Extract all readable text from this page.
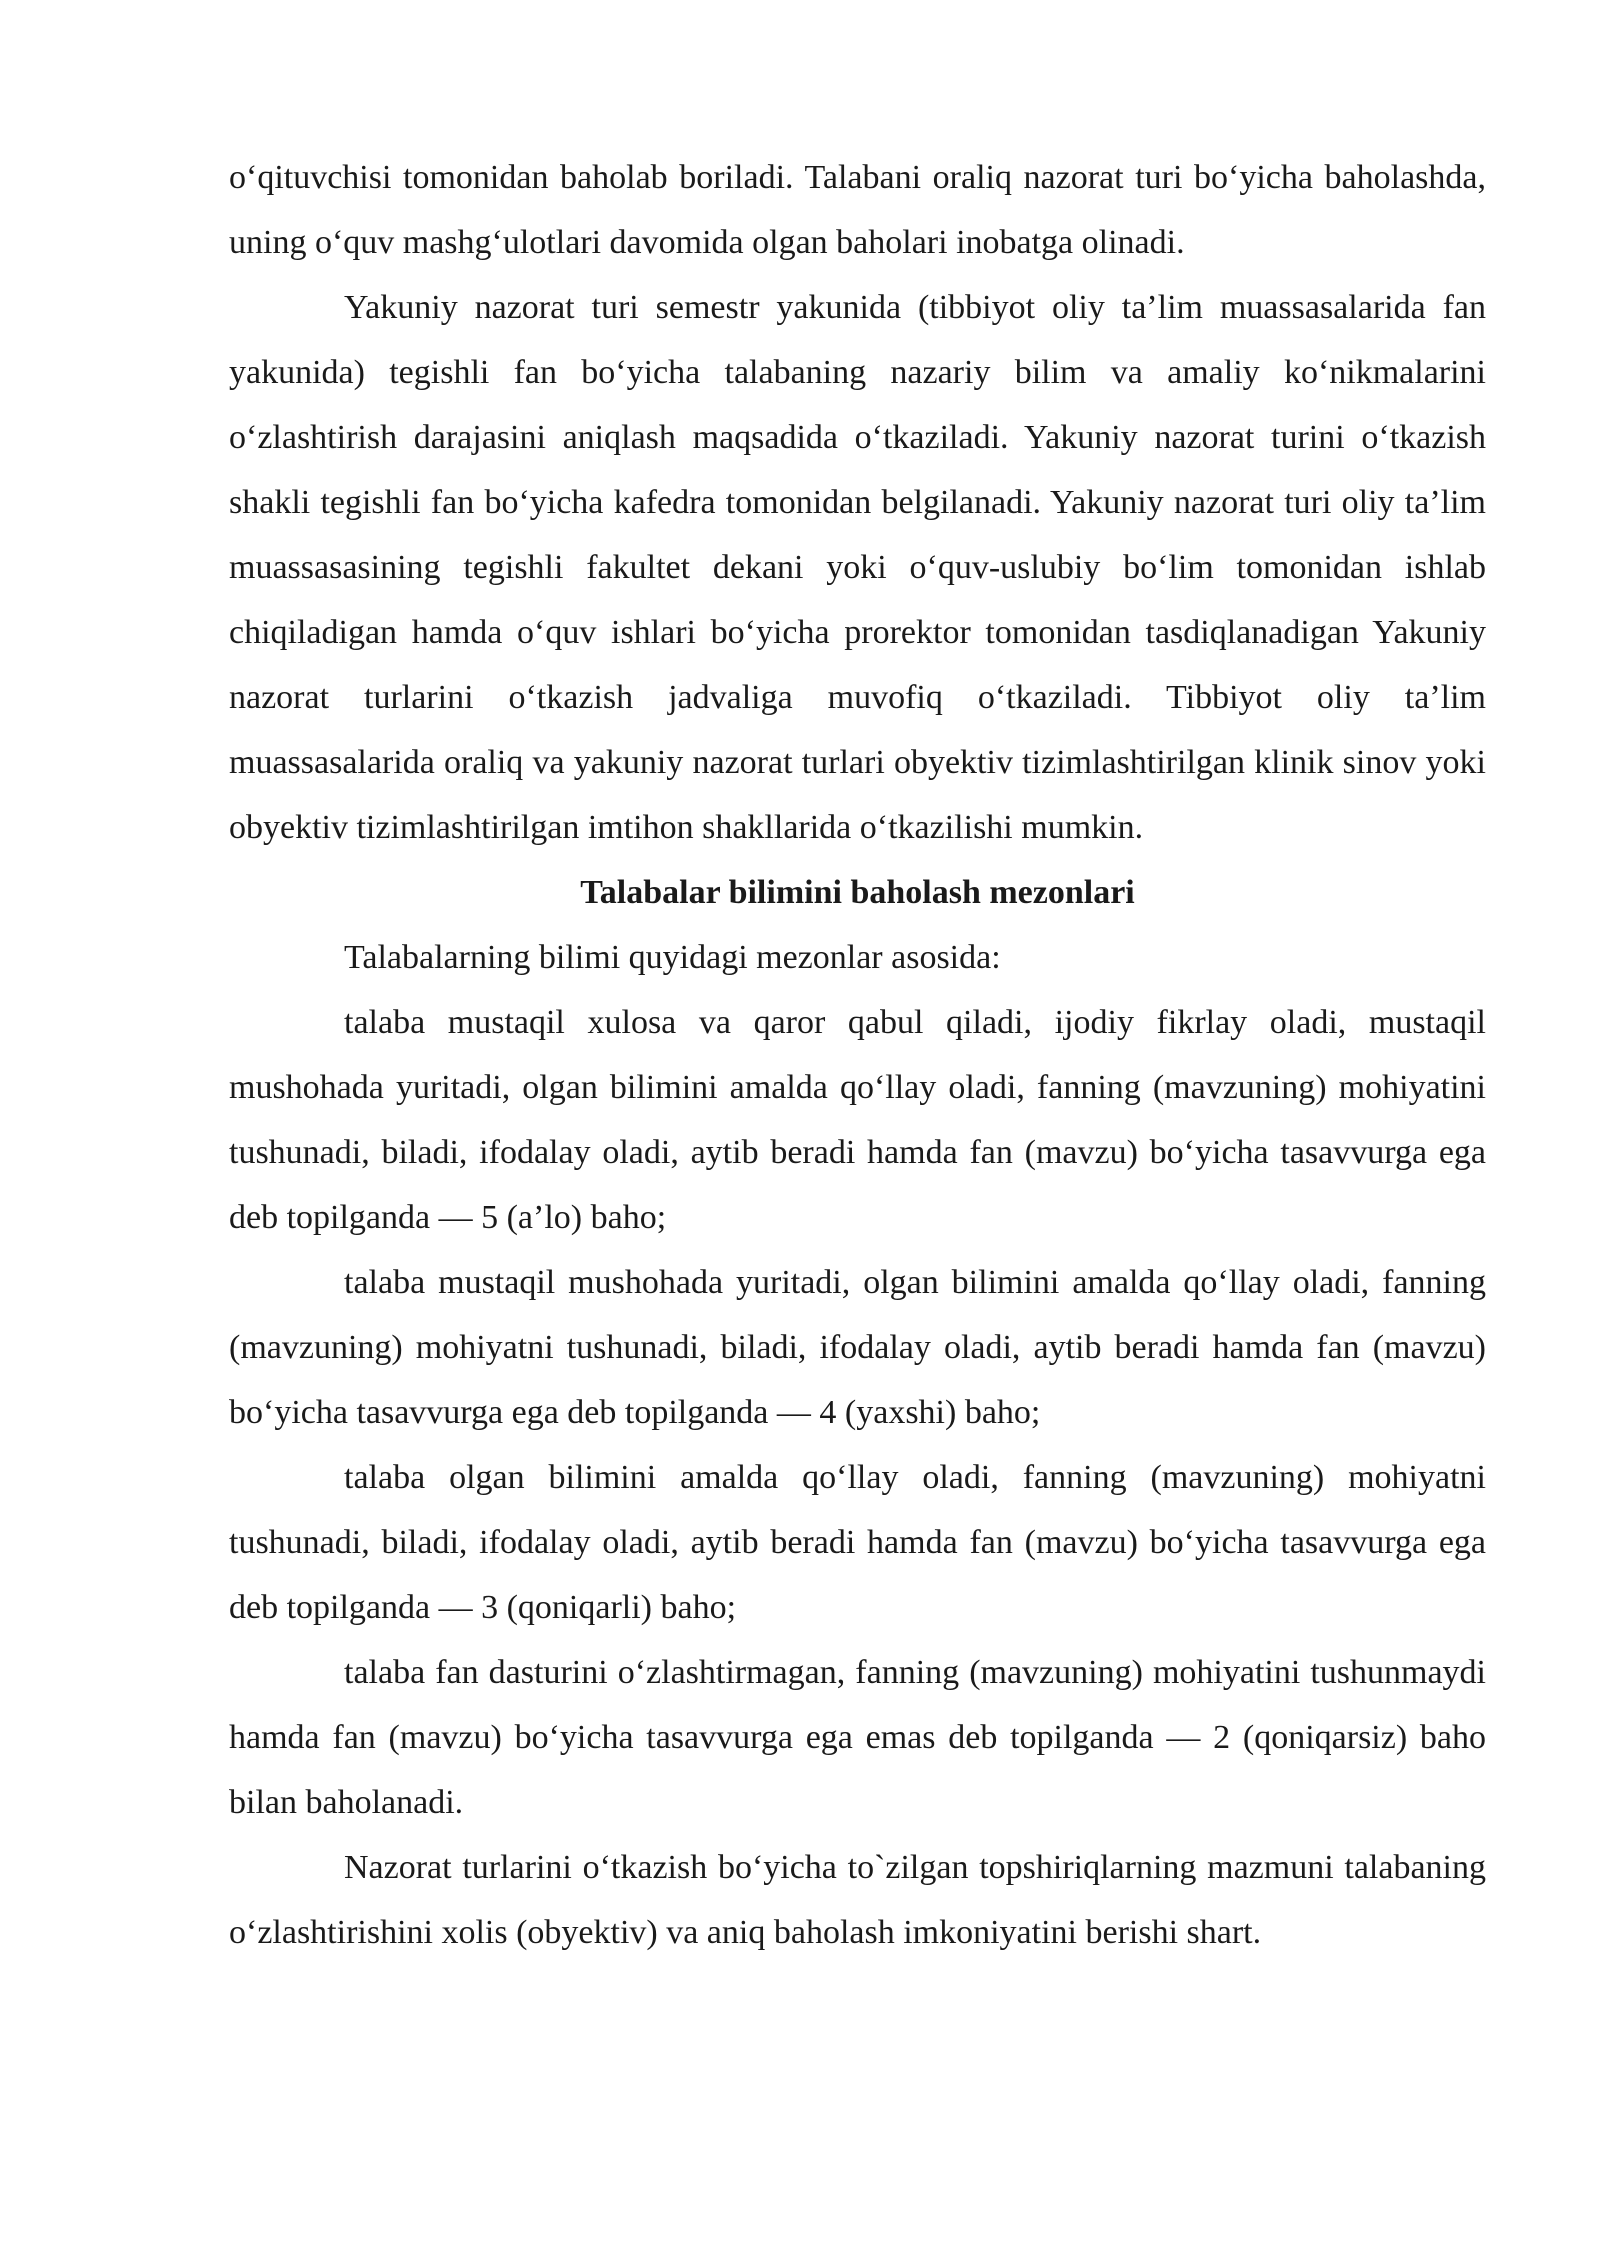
o‘qituvchisi tomonidan baholab boriladi. Talabani oraliq nazorat turi bo‘yicha baholashda, uning o‘quv mashg‘ulotlari davomida olgan baholari inobatga olinadi.

Yakuniy nazorat turi semestr yakunida (tibbiyot oliy ta’lim muassasalarida fan yakunida) tegishli fan bo‘yicha talabaning nazariy bilim va amaliy ko‘nikmalarini o‘zlashtirish darajasini aniqlash maqsadida o‘tkaziladi. Yakuniy nazorat turini o‘tkazish shakli tegishli fan bo‘yicha kafedra tomonidan belgilanadi. Yakuniy nazorat turi oliy ta’lim muassasasining tegishli fakultet dekani yoki o‘quv-uslubiy bo‘lim tomonidan ishlab chiqiladigan hamda o‘quv ishlari bo‘yicha prorektor tomonidan tasdiqlanadigan Yakuniy nazorat turlarini o‘tkazish jadvaliga muvofiq o‘tkaziladi. Tibbiyot oliy ta’lim muassasalarida oraliq va yakuniy nazorat turlari obyektiv tizimlashtirilgan klinik sinov yoki obyektiv tizimlashtirilgan imtihon shakllarida o‘tkazilishi mumkin.

Talabalar bilimini baholash mezonlari

Talabalarning bilimi quyidagi mezonlar asosida:

talaba mustaqil xulosa va qaror qabul qiladi, ijodiy fikrlay oladi, mustaqil mushohada yuritadi, olgan bilimini amalda qo‘llay oladi, fanning (mavzuning) mohiyatini tushunadi, biladi, ifodalay oladi, aytib beradi hamda fan (mavzu) bo‘yicha tasavvurga ega deb topilganda — 5 (a’lo) baho;

talaba mustaqil mushohada yuritadi, olgan bilimini amalda qo‘llay oladi, fanning (mavzuning) mohiyatni tushunadi, biladi, ifodalay oladi, aytib beradi hamda fan (mavzu) bo‘yicha tasavvurga ega deb topilganda — 4 (yaxshi) baho;

talaba olgan bilimini amalda qo‘llay oladi, fanning (mavzuning) mohiyatni tushunadi, biladi, ifodalay oladi, aytib beradi hamda fan (mavzu) bo‘yicha tasavvurga ega deb topilganda — 3 (qoniqarli) baho;

talaba fan dasturini o‘zlashtirmagan, fanning (mavzuning) mohiyatini tushunmaydi hamda fan (mavzu) bo‘yicha tasavvurga ega emas deb topilganda — 2 (qoniqarsiz) baho bilan baholanadi.

Nazorat turlarini o‘tkazish bo‘yicha to`zilgan topshiriqlarning mazmuni talabaning o‘zlashtirishini xolis (obyektiv) va aniq baholash imkoniyatini berishi shart.
